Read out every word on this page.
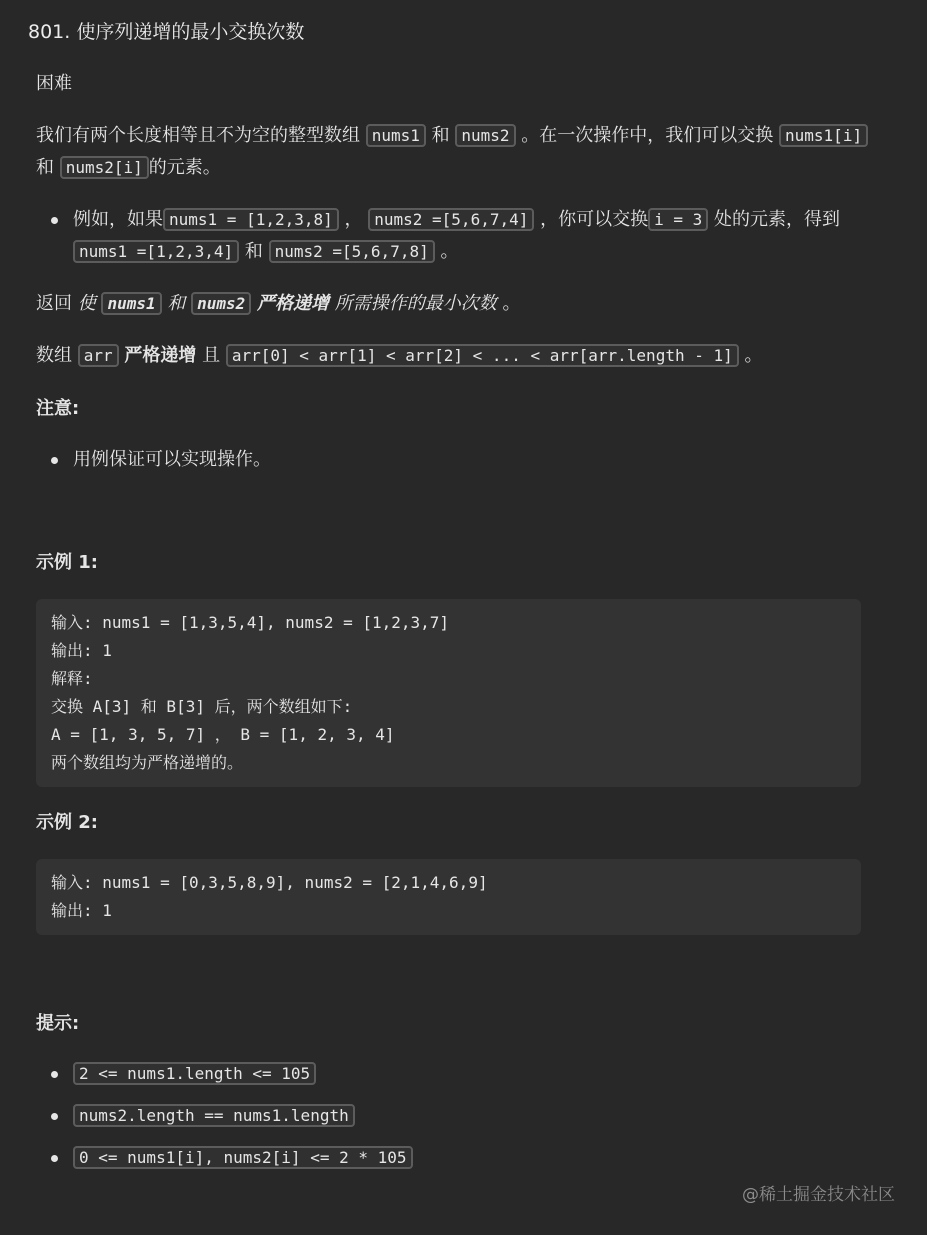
801. 使序列递增的最小交换次数
困难

我们有两个长度相等且不为空的整型数组 nums1 和 nums2 。在一次操作中，我们可以交换 nums1[i] 和 nums2[i] 的元素。

例如，如果 nums1 = [1,2,3,8] ， nums2 =[5,6,7,4] ，你可以交换 i = 3 处的元素，得到nums1 =[1,2,3,4] 和 nums2 =[5,6,7,8] 。

返回 使 nums1 和 nums2 严格递增 所需操作的最小次数 。

数组 arr 严格递增 且 arr[0] < arr[1] < arr[2] < ... < arr[arr.length - 1] 。

注意:
用例保证可以实现操作。
示例 1:
示例 2:
提示:
2 <= nums1.length <= 105
nums2.length == nums1.length
0 <= nums1[i], nums2[i] <= 2 * 105
输入: nums1 = [1,3,5,4], nums2 = [1,2,3,7]
输出: 1
解释:
交换 A[3] 和 B[3] 后，两个数组如下:
A = [1, 3, 5, 7] ， B = [1, 2, 3, 4]
两个数组均为严格递增的。
输入: nums1 = [0,3,5,8,9], nums2 = [2,1,4,6,9]
输出: 1
@稀土掘金技术社区
